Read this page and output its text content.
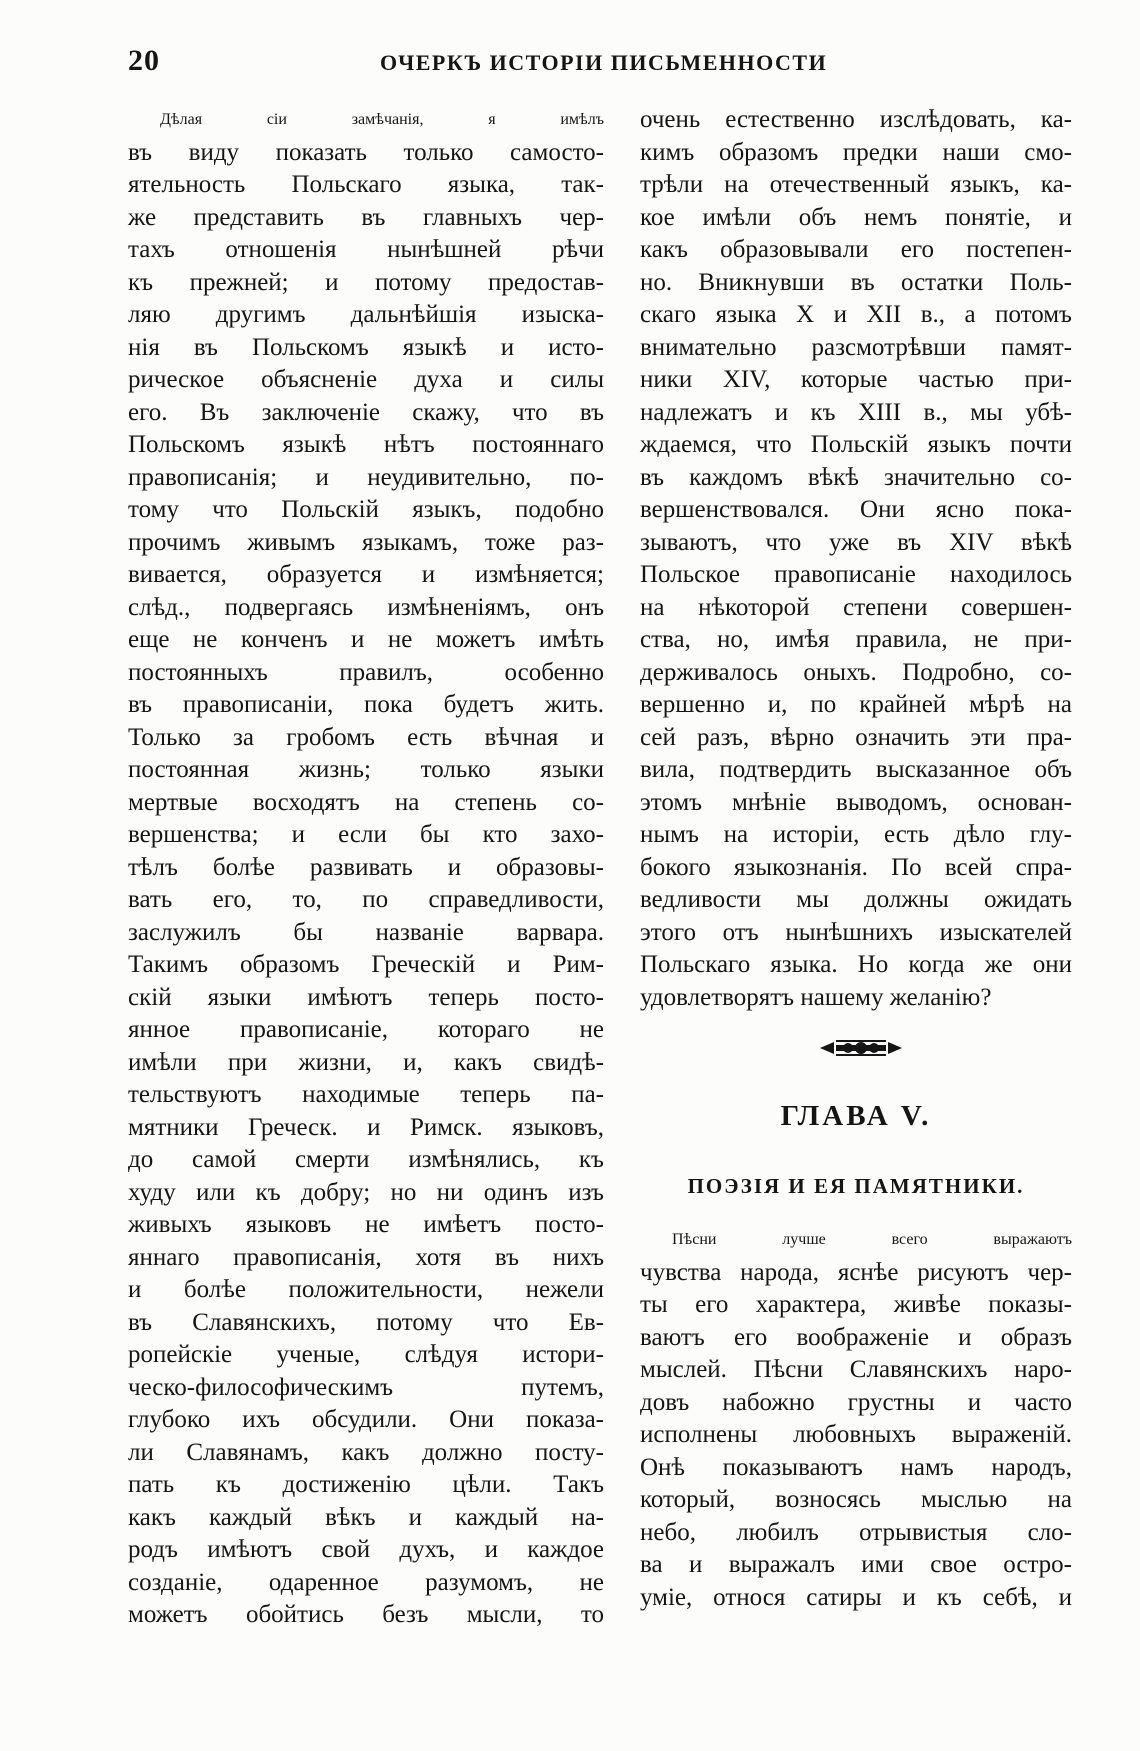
20	ОЧЕРКЪ ИСТОРІИ ПИСЬМЕННОСТИ
Дѣлая сіи замѣчанія, я имѣлъ
въ виду показать только самосто-
ятельность Польскаго языка, так-
же представить въ главныхъ чер-
тахъ отношенія нынѣшней рѣчи
къ прежней; и потому предостав-
ляю другимъ дальнѣйшія изыска-
нія въ Польскомъ языкѣ и исто-
рическое объясненіе духа и силы
его. Въ заключеніе скажу, что въ
Польскомъ языкѣ нѣтъ постояннаго
правописанія; и неудивительно, по-
тому что Польскій языкъ, подобно
прочимъ живымъ языкамъ, тоже раз-
вивается, образуется и измѣняется;
слѣд., подвергаясь измѣненіямъ, онъ
еще не конченъ и не можетъ имѣть
постоянныхъ правилъ, особенно
въ правописаніи, пока будетъ жить.
Только за гробомъ есть вѣчная и
постоянная жизнь; только языки
мертвые восходятъ на степень со-
вершенства; и если бы кто захо-
тѣлъ болѣе развивать и образовы-
вать его, то, по справедливости,
заслужилъ бы названіе варвара.
Такимъ образомъ Греческій и Рим-
скій языки имѣютъ теперь посто-
янное правописаніе, котораго не
имѣли при жизни, и, какъ свидѣ-
тельствуютъ находимые теперь па-
мятники Греческ. и Римск. языковъ,
до самой смерти измѣнялись, къ
худу или къ добру; но ни одинъ изъ
живыхъ языковъ не имѣетъ посто-
яннаго правописанія, хотя въ нихъ
и болѣе положительности, нежели
въ Славянскихъ, потому что Ев-
ропейскіе ученые, слѣдуя истори-
ческо-философическимъ путемъ,
глубоко ихъ обсудили. Они показа-
ли Славянамъ, какъ должно посту-
пать къ достиженію цѣли. Такъ
какъ каждый вѣкъ и каждый на-
родъ имѣютъ свой духъ, и каждое
созданіе, одаренное разумомъ, не
можетъ обойтись безъ мысли, то
очень естественно изслѣдовать, ка-
кимъ образомъ предки наши смо-
трѣли на отечественный языкъ, ка-
кое имѣли объ немъ понятіе, и
какъ образовывали его постепен-
но. Вникнувши въ остатки Поль-
скаго языка X и XII в., а потомъ
внимательно разсмотрѣвши памят-
ники XIV, которые частью при-
надлежатъ и къ XIII в., мы убѣ-
ждаемся, что Польскій языкъ почти
въ каждомъ вѣкѣ значительно со-
вершенствовался. Они ясно пока-
зываютъ, что уже въ XIV вѣкѣ
Польское правописаніе находилось
на нѣкоторой степени совершен-
ства, но, имѣя правила, не при-
держивалось оныхъ. Подробно, со-
вершенно и, по крайней мѣрѣ на
сей разъ, вѣрно означить эти пра-
вила, подтвердить высказанное объ
этомъ мнѣніе выводомъ, основан-
нымъ на исторіи, есть дѣло глу-
бокого языкознанія. По всей спра-
ведливости мы должны ожидать
этого отъ нынѣшнихъ изыскателей
Польскаго языка. Но когда же они
удовлетворятъ нашему желанію?
ГЛАВА V.
ПОЭЗІЯ И ЕЯ ПАМЯТНИКИ.
Пѣсни лучше всего выражаютъ
чувства народа, яснѣе рисуютъ чер-
ты его характера, живѣе показы-
ваютъ его воображеніе и образъ
мыслей. Пѣсни Славянскихъ наро-
довъ набожно грустны и часто
исполнены любовныхъ выраженій.
Онѣ показываютъ намъ народъ,
который, возносясь мыслью на
небо, любилъ отрывистыя сло-
ва и выражалъ ими свое остро-
уміе, относя сатиры и къ себѣ, и
